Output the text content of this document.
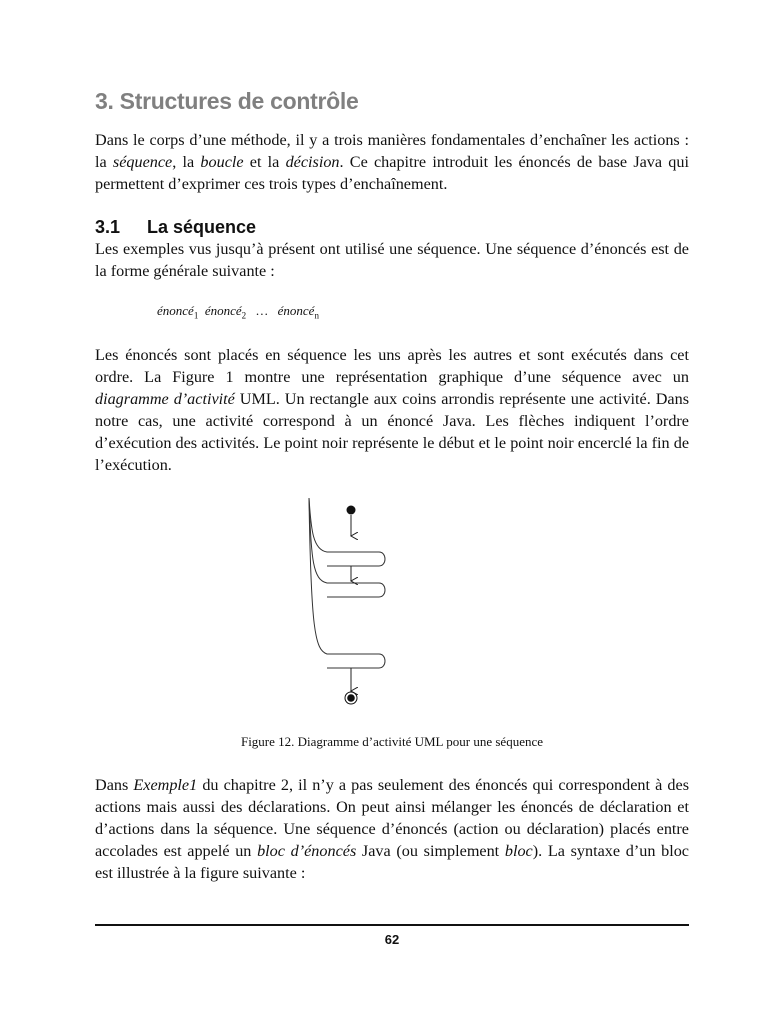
3. Structures de contrôle

Dans le corps d’une méthode, il y a trois manières fondamentales d’enchaîner les actions : la séquence, la boucle et la décision. Ce chapitre introduit les énoncés de base Java qui permettent d’exprimer ces trois types d’enchaînement.

3.1 La séquence

Les exemples vus jusqu’à présent ont utilisé une séquence. Une séquence d’énoncés est de la forme générale suivante :

énoncé$_1$ énoncé$_2$ … énoncé$_n$

Les énoncés sont placés en séquence les uns après les autres et sont exécutés dans cet ordre. La Figure 1 montre une représentation graphique d’une séquence avec un diagramme d’activité UML. Un rectangle aux coins arrondis représente une activité. Dans notre cas, une activité correspond à un énoncé Java. Les flèches indiquent l’ordre d’exécution des activités. Le point noir représente le début et le point noir encerclé la fin de l’exécution.

Figure 12. Diagramme d’activité UML pour une séquence

Dans Exemple1 du chapitre 2, il n’y a pas seulement des énoncés qui correspondent à des actions mais aussi des déclarations. On peut ainsi mélanger les énoncés de déclaration et d’actions dans la séquence. Une séquence d’énoncés (action ou déclaration) placés entre accolades est appelé un bloc d’énoncés Java (ou simplement bloc). La syntaxe d’un bloc est illustrée à la figure suivante :

62
